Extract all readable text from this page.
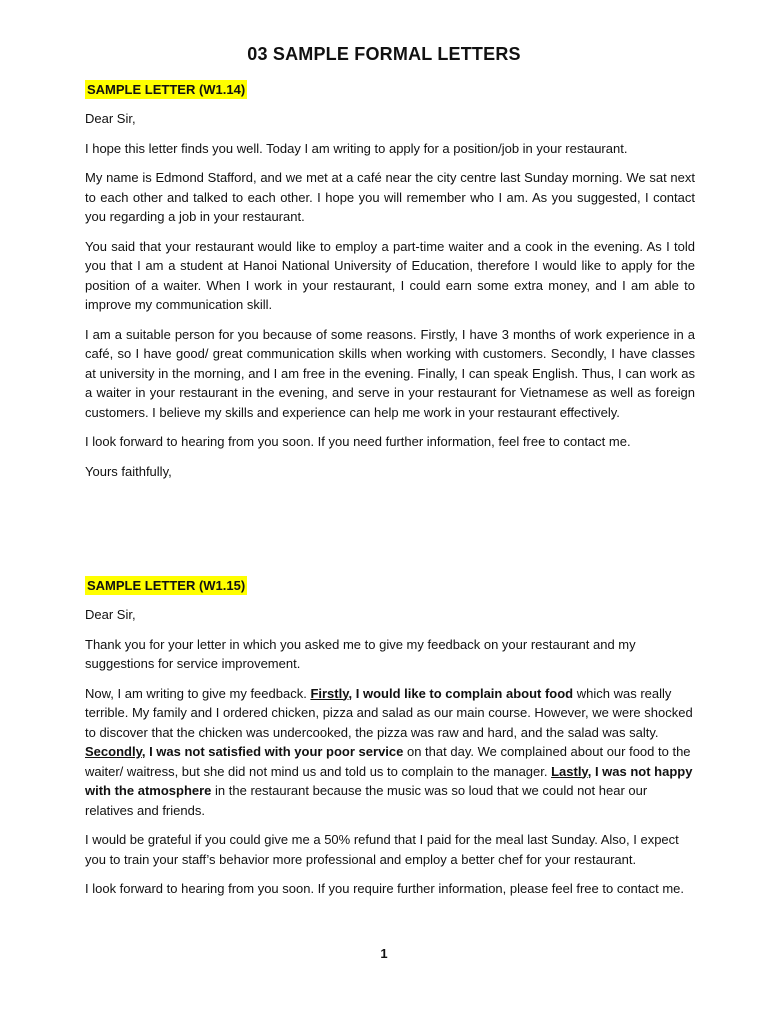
03 SAMPLE FORMAL LETTERS
SAMPLE LETTER (W1.14)

Dear Sir,

I hope this letter finds you well. Today I am writing to apply for a position/job in your restaurant.

My name is Edmond Stafford, and we met at a café near the city centre last Sunday morning. We sat next to each other and talked to each other. I hope you will remember who I am. As you suggested, I contact you regarding a job in your restaurant.

You said that your restaurant would like to employ a part-time waiter and a cook in the evening. As I told you that I am a student at Hanoi National University of Education, therefore I would like to apply for the position of a waiter. When I work in your restaurant, I could earn some extra money, and I am able to improve my communication skill.

I am a suitable person for you because of some reasons. Firstly, I have 3 months of work experience in a café, so I have good/ great communication skills when working with customers. Secondly, I have classes at university in the morning, and I am free in the evening. Finally, I can speak English. Thus, I can work as a waiter in your restaurant in the evening, and serve in your restaurant for Vietnamese as well as foreign customers. I believe my skills and experience can help me work in your restaurant effectively.

I look forward to hearing from you soon. If you need further information, feel free to contact me.

Yours faithfully,

SAMPLE LETTER (W1.15)

Dear Sir,

Thank you for your letter in which you asked me to give my feedback on your restaurant and my suggestions for service improvement.

Now, I am writing to give my feedback. Firstly, I would like to complain about food which was really terrible. My family and I ordered chicken, pizza and salad as our main course. However, we were shocked to discover that the chicken was undercooked, the pizza was raw and hard, and the salad was salty. Secondly, I was not satisfied with your poor service on that day. We complained about our food to the waiter/ waitress, but she did not mind us and told us to complain to the manager. Lastly, I was not happy with the atmosphere in the restaurant because the music was so loud that we could not hear our relatives and friends.

I would be grateful if you could give me a 50% refund that I paid for the meal last Sunday. Also, I expect you to train your staff’s behavior more professional and employ a better chef for your restaurant.

I look forward to hearing from you soon. If you require further information, please feel free to contact me.

1
